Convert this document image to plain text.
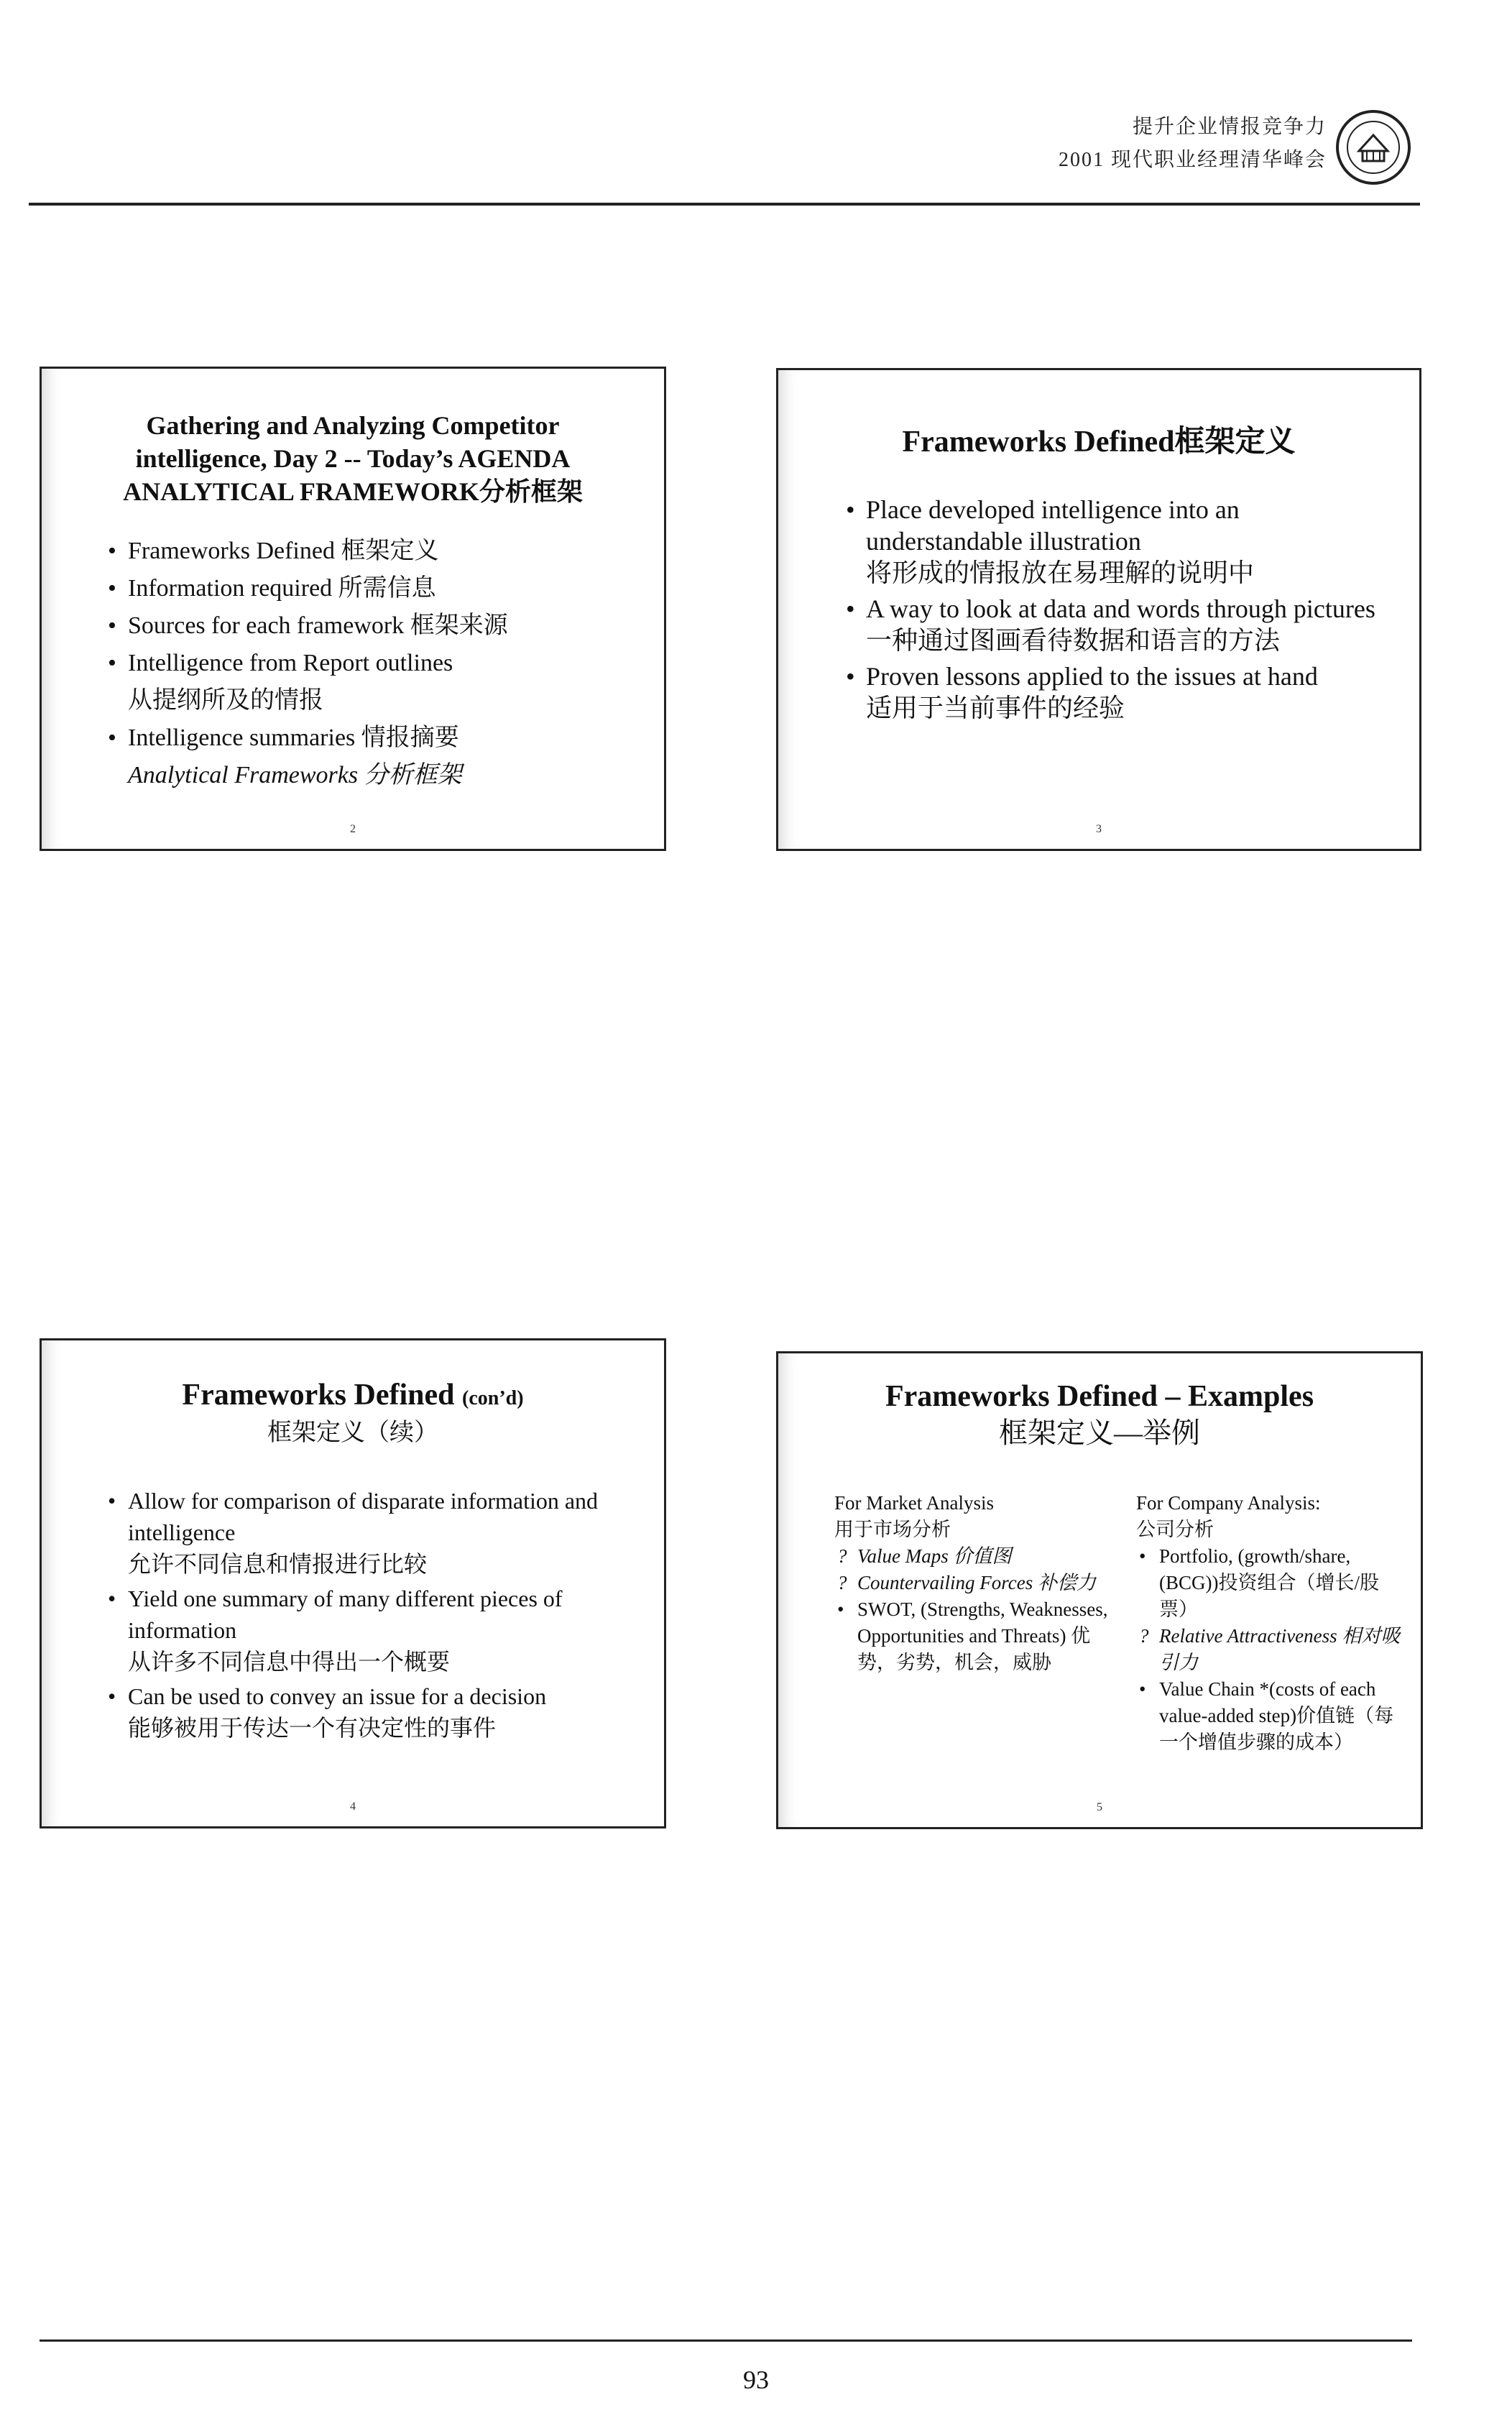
提升企业情报竞争力
2001 现代职业经理清华峰会
Gathering and Analyzing Competitor
intelligence, Day 2 -- Today’s AGENDA
ANALYTICAL FRAMEWORK分析框架
• Frameworks Defined 框架定义
• Information required 所需信息
• Sources for each framework 框架来源
• Intelligence from Report outlines
从提纲所及的情报
• Intelligence summaries 情报摘要
Analytical Frameworks 分析框架
2
Frameworks Defined框架定义
• Place developed intelligence into an understandable illustration
将形成的情报放在易理解的说明中
• A way to look at data and words through pictures
一种通过图画看待数据和语言的方法
• Proven lessons applied to the issues at hand
适用于当前事件的经验
3
Frameworks Defined (con’d)
框架定义（续）
• Allow for comparison of disparate information and intelligence
允许不同信息和情报进行比较
• Yield one summary of many different pieces of information
从许多不同信息中得出一个概要
• Can be used to convey an issue for a decision
能够被用于传达一个有决定性的事件
4
Frameworks Defined – Examples
框架定义—举例
For Market Analysis
用于市场分析
? Value Maps 价值图
? Countervailing Forces 补偿力
• SWOT, (Strengths, Weaknesses, Opportunities and Threats) 优势，劣势，机会，威胁
For Company Analysis:
公司分析
• Portfolio, (growth/share, (BCG))投资组合（增长/股票）
? Relative Attractiveness 相对吸引力
• Value Chain *(costs of each value-added step)价值链（每一个增值步骤的成本）
5
93
